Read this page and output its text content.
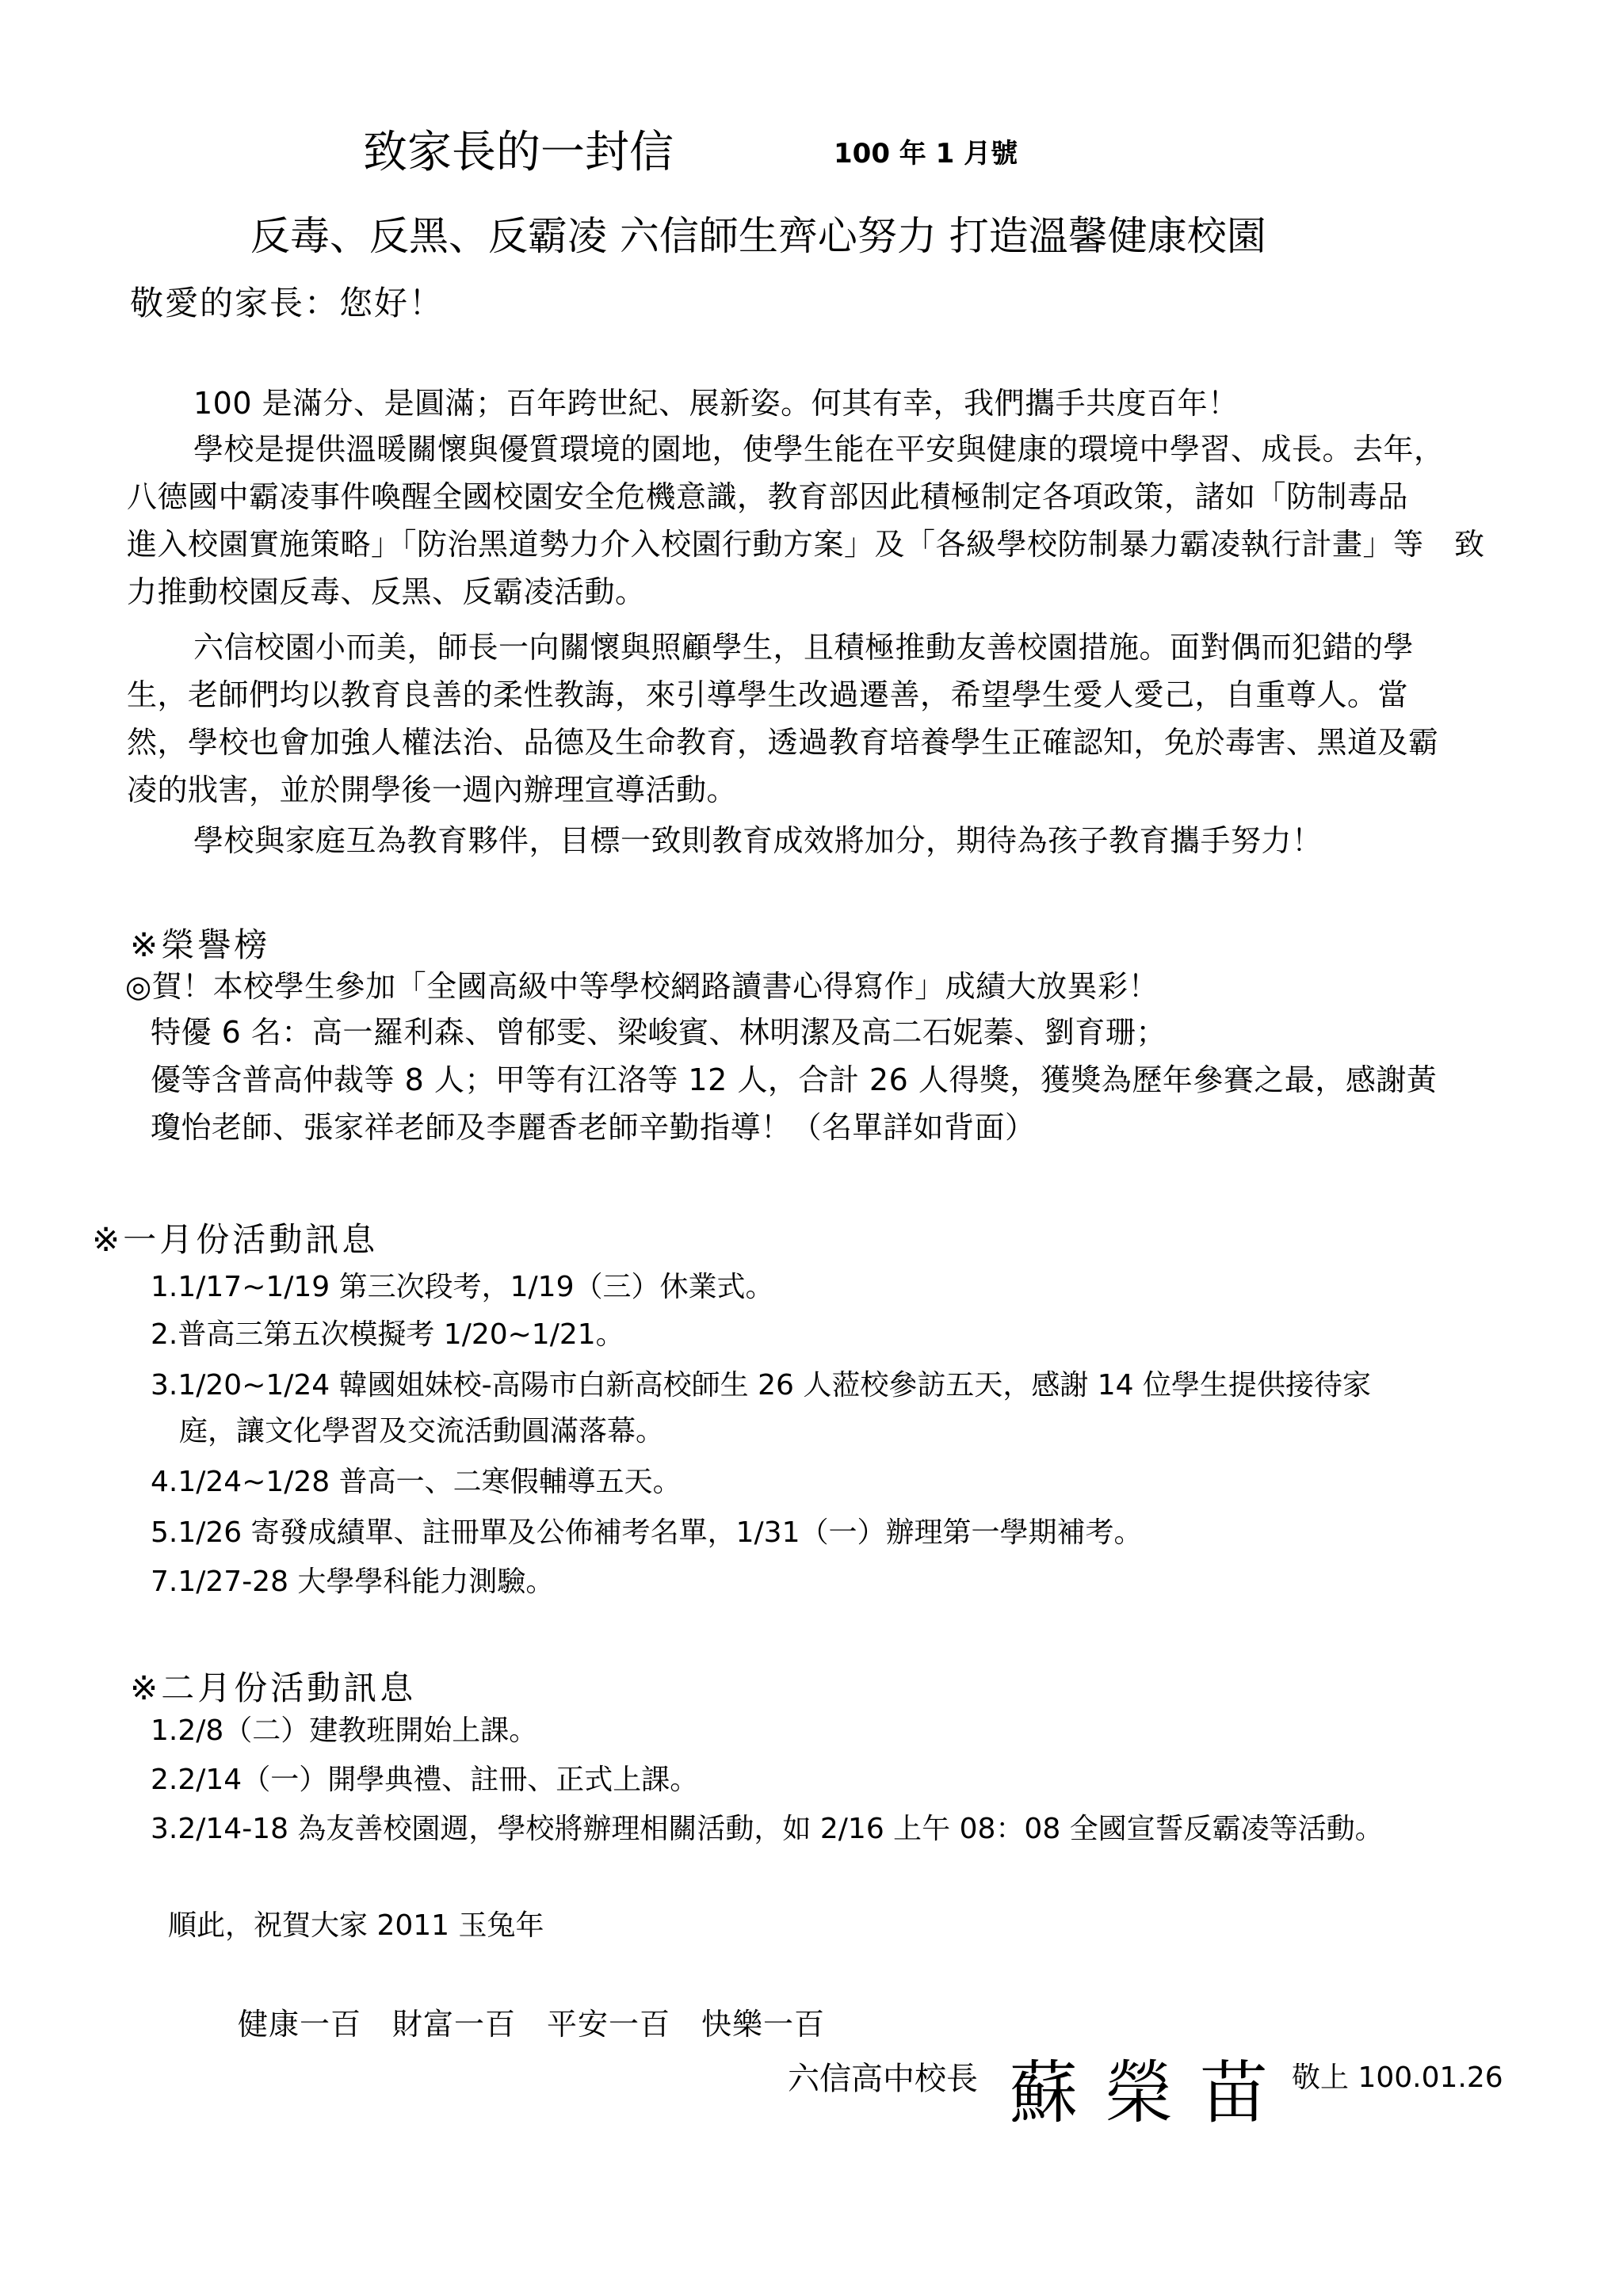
致家長的一封信	100 年 1 月號
反毒、反黑、反霸凌 六信師生齊心努力 打造溫馨健康校園
敬愛的家長：您好！
100 是滿分、是圓滿；百年跨世紀、展新姿。何其有幸，我們攜手共度百年！
學校是提供溫暖關懷與優質環境的園地，使學生能在平安與健康的環境中學習、成長。去年，
八德國中霸凌事件喚醒全國校園安全危機意識，教育部因此積極制定各項政策，諸如「防制毒品
進入校園實施策略」「防治黑道勢力介入校園行動方案」及「各級學校防制暴力霸凌執行計畫」等　致
力推動校園反毒、反黑、反霸凌活動。
六信校園小而美，師長一向關懷與照顧學生，且積極推動友善校園措施。面對偶而犯錯的學
生，老師們均以教育良善的柔性教誨，來引導學生改過遷善，希望學生愛人愛己，自重尊人。當
然，學校也會加強人權法治、品德及生命教育，透過教育培養學生正確認知，免於毒害、黑道及霸
凌的戕害，並於開學後一週內辦理宣導活動。
學校與家庭互為教育夥伴，目標一致則教育成效將加分，期待為孩子教育攜手努力！
※榮譽榜
◎賀！本校學生參加「全國高級中等學校網路讀書心得寫作」成績大放異彩！
特優 6 名：高一羅利森、曾郁雯、梁峻賓、林明潔及高二石妮蓁、劉育珊；
優等含普高仲裁等 8 人；甲等有江洛等 12 人，合計 26 人得獎，獲獎為歷年參賽之最，感謝黃
瓊怡老師、張家祥老師及李麗香老師辛勤指導！（名單詳如背面）
※一月份活動訊息
1.1/17~1/19 第三次段考，1/19（三）休業式。
2.普高三第五次模擬考 1/20~1/21。
3.1/20~1/24 韓國姐妹校-高陽市白新高校師生 26 人蒞校參訪五天，感謝 14 位學生提供接待家
庭，讓文化學習及交流活動圓滿落幕。
4.1/24~1/28 普高一、二寒假輔導五天。
5.1/26 寄發成績單、註冊單及公佈補考名單，1/31（一）辦理第一學期補考。
7.1/27-28 大學學科能力測驗。
※二月份活動訊息
1.2/8（二）建教班開始上課。
2.2/14（一）開學典禮、註冊、正式上課。
3.2/14-18 為友善校園週，學校將辦理相關活動，如 2/16 上午 08：08 全國宣誓反霸凌等活動。
順此，祝賀大家 2011 玉兔年
健康一百　財富一百　平安一百　快樂一百
六信高中校長 蘇榮苗
敬上 100.01.26
